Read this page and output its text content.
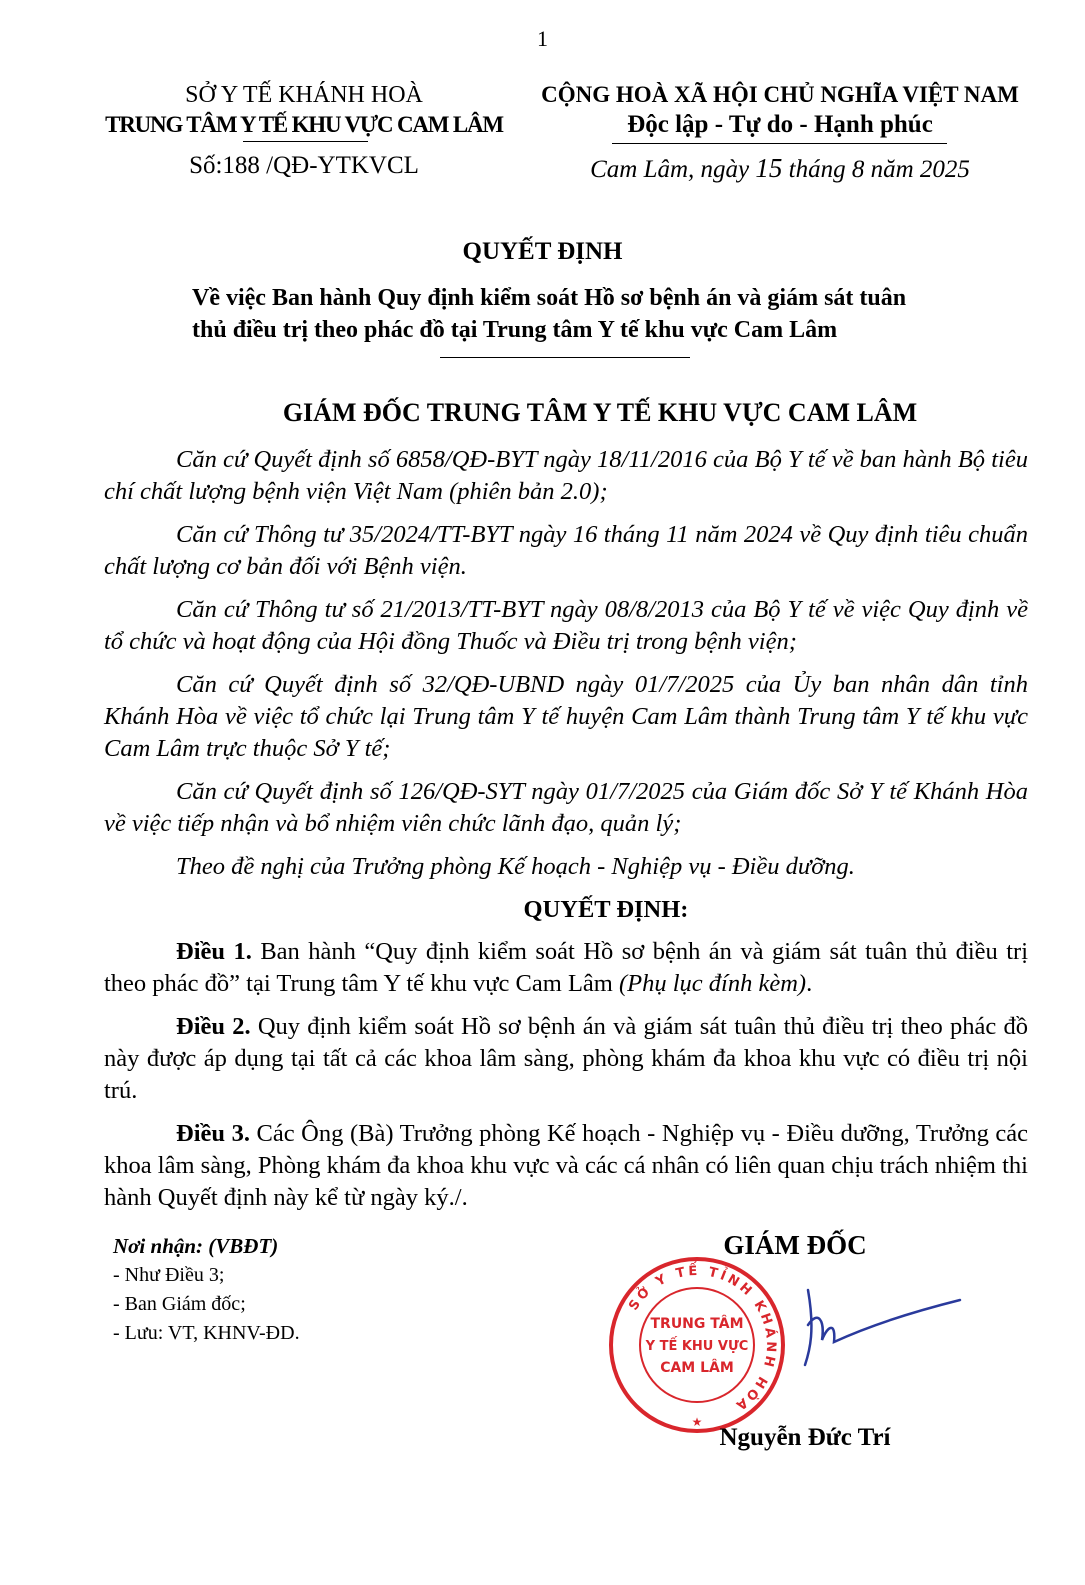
1
SỞ Y TẾ KHÁNH HOÀ
TRUNG TÂM Y TẾ KHU VỰC CAM LÂM
Số:188 /QĐ-YTKVCL
CỘNG HOÀ XÃ HỘI CHỦ NGHĨA VIỆT NAM
Độc lập - Tự do - Hạnh phúc
Cam Lâm, ngày 15 tháng 8 năm 2025
QUYẾT ĐỊNH
Về việc Ban hành Quy định kiểm soát Hồ sơ bệnh án và giám sát tuân
thủ điều trị theo phác đồ tại Trung tâm Y tế khu vực Cam Lâm
GIÁM ĐỐC TRUNG TÂM Y TẾ KHU VỰC CAM LÂM

Căn cứ Quyết định số 6858/QĐ-BYT ngày 18/11/2016 của Bộ Y tế về ban hành Bộ tiêu chí chất lượng bệnh viện Việt Nam (phiên bản 2.0);

Căn cứ Thông tư 35/2024/TT-BYT ngày 16 tháng 11 năm 2024 về Quy định tiêu chuẩn chất lượng cơ bản đối với Bệnh viện.

Căn cứ Thông tư số 21/2013/TT-BYT ngày 08/8/2013 của Bộ Y tế về việc Quy định về tổ chức và hoạt động của Hội đồng Thuốc và Điều trị trong bệnh viện;

Căn cứ Quyết định số 32/QĐ-UBND ngày 01/7/2025 của Ủy ban nhân dân tỉnh Khánh Hòa về việc tổ chức lại Trung tâm Y tế huyện Cam Lâm thành Trung tâm Y tế khu vực Cam Lâm trực thuộc Sở Y tế;

Căn cứ Quyết định số 126/QĐ-SYT ngày 01/7/2025 của Giám đốc Sở Y tế Khánh Hòa về việc tiếp nhận và bổ nhiệm viên chức lãnh đạo, quản lý;

Theo đề nghị của Trưởng phòng Kế hoạch - Nghiệp vụ - Điều dưỡng.

QUYẾT ĐỊNH:

Điều 1. Ban hành “Quy định kiểm soát Hồ sơ bệnh án và giám sát tuân thủ điều trị theo phác đồ” tại Trung tâm Y tế khu vực Cam Lâm (Phụ lục đính kèm).

Điều 2. Quy định kiểm soát Hồ sơ bệnh án và giám sát tuân thủ điều trị theo phác đồ này được áp dụng tại tất cả các khoa lâm sàng, phòng khám đa khoa khu vực có điều trị nội trú.

Điều 3. Các Ông (Bà) Trưởng phòng Kế hoạch - Nghiệp vụ - Điều dưỡng, Trưởng các khoa lâm sàng, Phòng khám đa khoa khu vực và các cá nhân có liên quan chịu trách nhiệm thi hành Quyết định này kể từ ngày ký./.

Nơi nhận: (VBĐT)
- Như Điều 3;
- Ban Giám đốc;
- Lưu: VT, KHNV-ĐD.
GIÁM ĐỐC
SỞ Y TẾ TỈNH KHÁNH HÒA
TRUNG TÂM
Y TẾ KHU VỰC
CAM LÂM
★
Nguyễn Đức Trí
